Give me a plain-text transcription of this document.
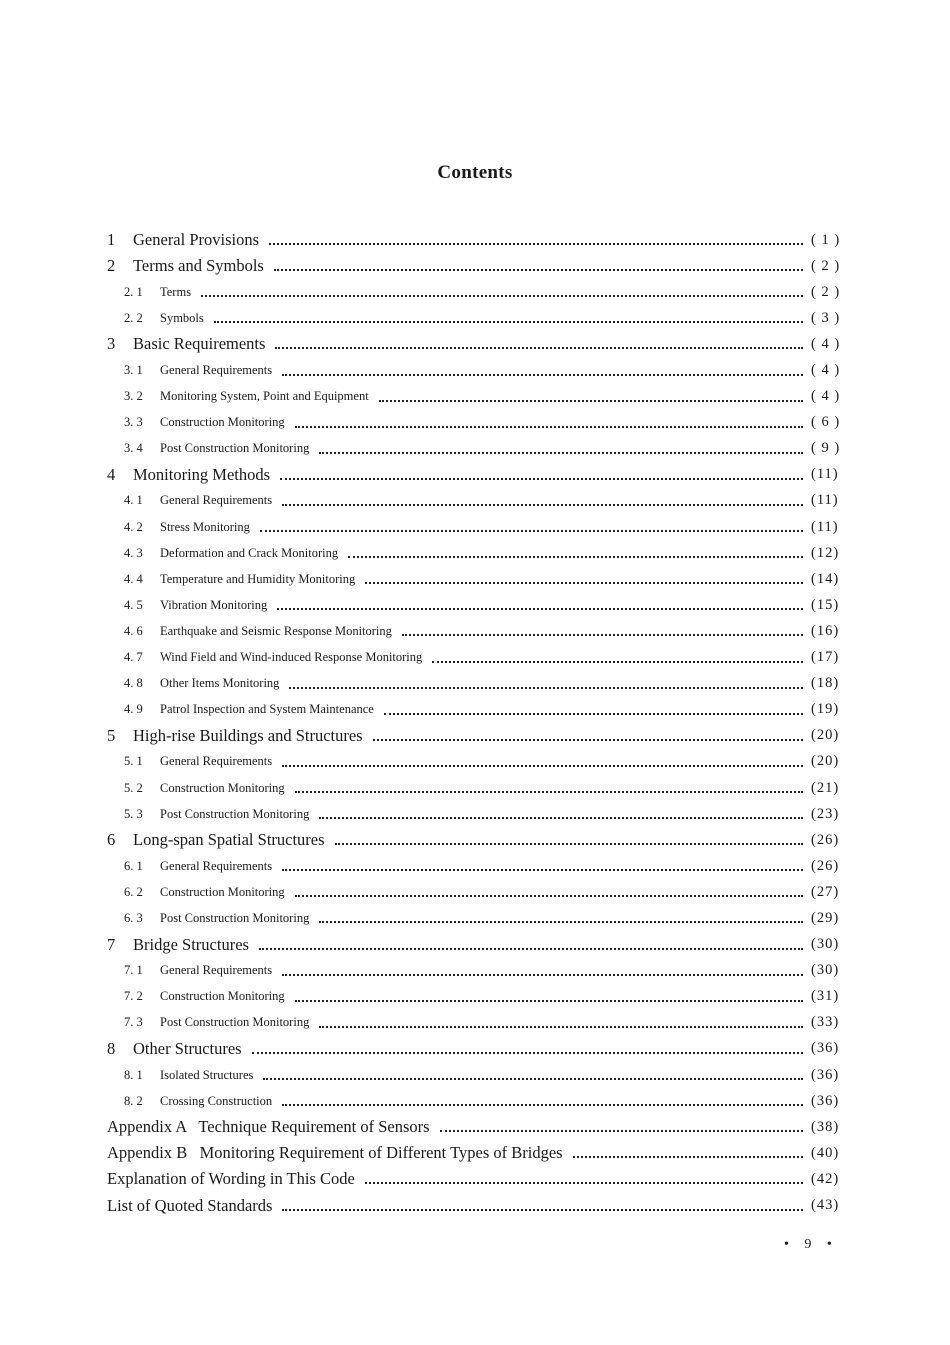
Contents
1	General Provisions	( 1 )
2	Terms and Symbols	( 2 )
2. 1	Terms	( 2 )
2. 2	Symbols	( 3 )
3	Basic Requirements	( 4 )
3. 1	General Requirements	( 4 )
3. 2	Monitoring System, Point and Equipment	( 4 )
3. 3	Construction Monitoring	( 6 )
3. 4	Post Construction Monitoring	( 9 )
4	Monitoring Methods	(11)
4. 1	General Requirements	(11)
4. 2	Stress Monitoring	(11)
4. 3	Deformation and Crack Monitoring	(12)
4. 4	Temperature and Humidity Monitoring	(14)
4. 5	Vibration Monitoring	(15)
4. 6	Earthquake and Seismic Response Monitoring	(16)
4. 7	Wind Field and Wind-induced Response Monitoring	(17)
4. 8	Other Items Monitoring	(18)
4. 9	Patrol Inspection and System Maintenance	(19)
5	High-rise Buildings and Structures	(20)
5. 1	General Requirements	(20)
5. 2	Construction Monitoring	(21)
5. 3	Post Construction Monitoring	(23)
6	Long-span Spatial Structures	(26)
6. 1	General Requirements	(26)
6. 2	Construction Monitoring	(27)
6. 3	Post Construction Monitoring	(29)
7	Bridge Structures	(30)
7. 1	General Requirements	(30)
7. 2	Construction Monitoring	(31)
7. 3	Post Construction Monitoring	(33)
8	Other Structures	(36)
8. 1	Isolated Structures	(36)
8. 2	Crossing Construction	(36)
Appendix A   Technique Requirement of Sensors	(38)
Appendix B   Monitoring Requirement of Different Types of Bridges	(40)
Explanation of Wording in This Code	(42)
List of Quoted Standards	(43)
• 9 •
